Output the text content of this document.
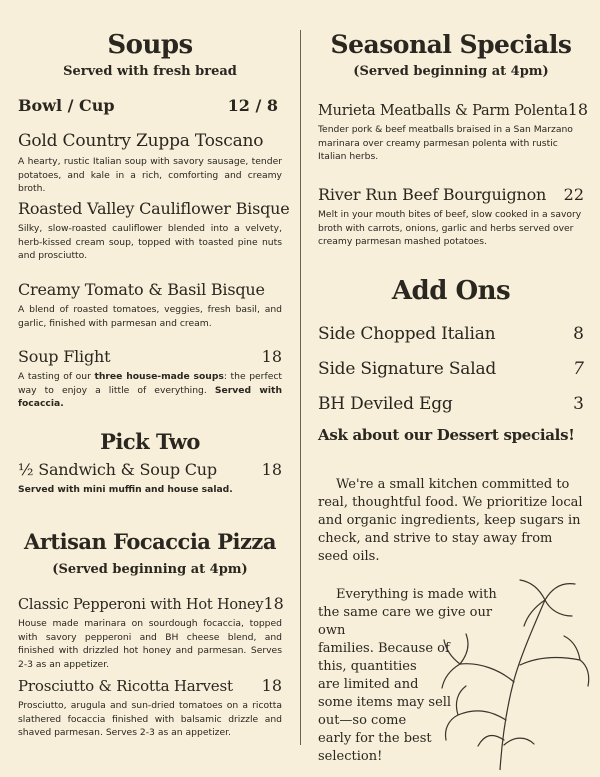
Soups

Served with fresh bread

Bowl / Cup	12 / 8
Gold Country Zuppa Toscano
A hearty, rustic Italian soup with savory sausage, tender potatoes, and kale in a rich, comforting and creamy broth.
Roasted Valley Cauliflower Bisque
Silky, slow-roasted cauliflower blended into a velvety, herb-kissed cream soup, topped with toasted pine nuts and prosciutto.
Creamy Tomato & Basil Bisque
A blend of roasted tomatoes, veggies, fresh basil, and garlic, finished with parmesan and cream.
Soup Flight	18
A tasting of our three house-made soups: the perfect way to enjoy a little of everything. Served with focaccia.
Pick Two
½ Sandwich & Soup Cup	18
Served with mini muffin and house salad.
Artisan Focaccia Pizza

(Served beginning at 4pm)

Classic Pepperoni with Hot Honey 18
House made marinara on sourdough focaccia, topped with savory pepperoni and BH cheese blend, and finished with drizzled hot honey and parmesan. Serves 2-3 as an appetizer.
Prosciutto & Ricotta Harvest 18
Prosciutto, arugula and sun-dried tomatoes on a ricotta slathered focaccia finished with balsamic drizzle and shaved parmesan. Serves 2-3 as an appetizer.
Seasonal Specials

(Served beginning at 4pm)

Murieta Meatballs & Parm Polenta 18
Tender pork & beef meatballs braised in a San Marzano marinara over creamy parmesan polenta with rustic Italian herbs.
River Run Beef Bourguignon 22
Melt in your mouth bites of beef, slow cooked in a savory broth with carrots, onions, garlic and herbs served over creamy parmesan mashed potatoes.
Add Ons
Side Chopped Italian	8
Side Signature Salad	7
BH Deviled Egg	3
Ask about our Dessert specials!

We're a small kitchen committed to real, thoughtful food. We prioritize local and organic ingredients, keep sugars in check, and strive to stay away from seed oils.

Everything is made with
the same care we give our own
families. Because of
this, quantities
are limited and
some items may sell
out—so come
early for the best
selection!
